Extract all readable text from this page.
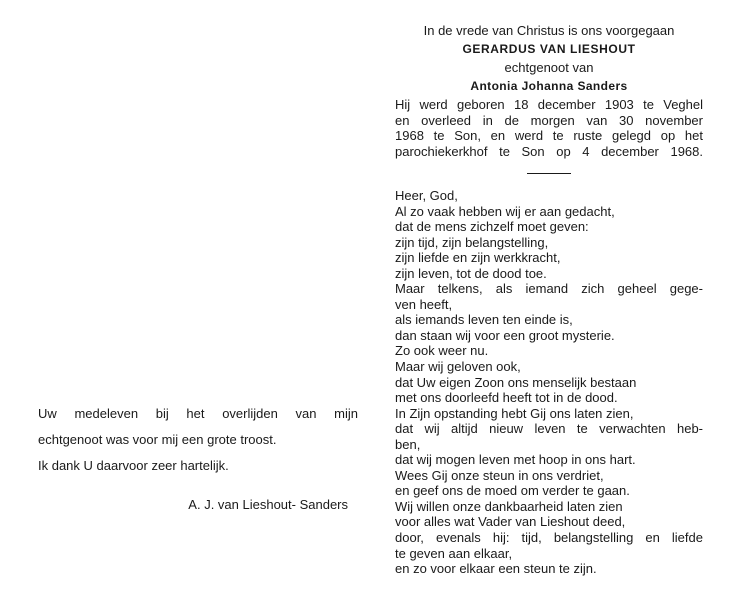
Uw medeleven bij het overlijden van mijn
echtgenoot was voor mij een grote troost.
Ik dank U daarvoor zeer hartelijk.
A. J. van Lieshout- Sanders
In de vrede van Christus is ons voorgegaan
GERARDUS VAN LIESHOUT
echtgenoot van
Antonia Johanna Sanders
Hij werd geboren 18 december 1903 te Veghel
en overleed in de morgen van 30 november
1968 te Son, en werd te ruste gelegd op het
parochiekerkhof te Son op 4 december 1968.
Heer, God,
Al zo vaak hebben wij er aan gedacht,
dat de mens zichzelf moet geven:
zijn tijd, zijn belangstelling,
zijn liefde en zijn werkkracht,
zijn leven, tot de dood toe.
Maar telkens, als iemand zich geheel gege-
ven heeft,
als iemands leven ten einde is,
dan staan wij voor een groot mysterie.
Zo ook weer nu.
Maar wij geloven ook,
dat Uw eigen Zoon ons menselijk bestaan
met ons doorleefd heeft tot in de dood.
In Zijn opstanding hebt Gij ons laten zien,
dat wij altijd nieuw leven te verwachten heb-
ben,
dat wij mogen leven met hoop in ons hart.
Wees Gij onze steun in ons verdriet,
en geef ons de moed om verder te gaan.
Wij willen onze dankbaarheid laten zien
voor alles wat Vader van Lieshout deed,
door, evenals hij: tijd, belangstelling en liefde
te geven aan elkaar,
en zo voor elkaar een steun te zijn.
